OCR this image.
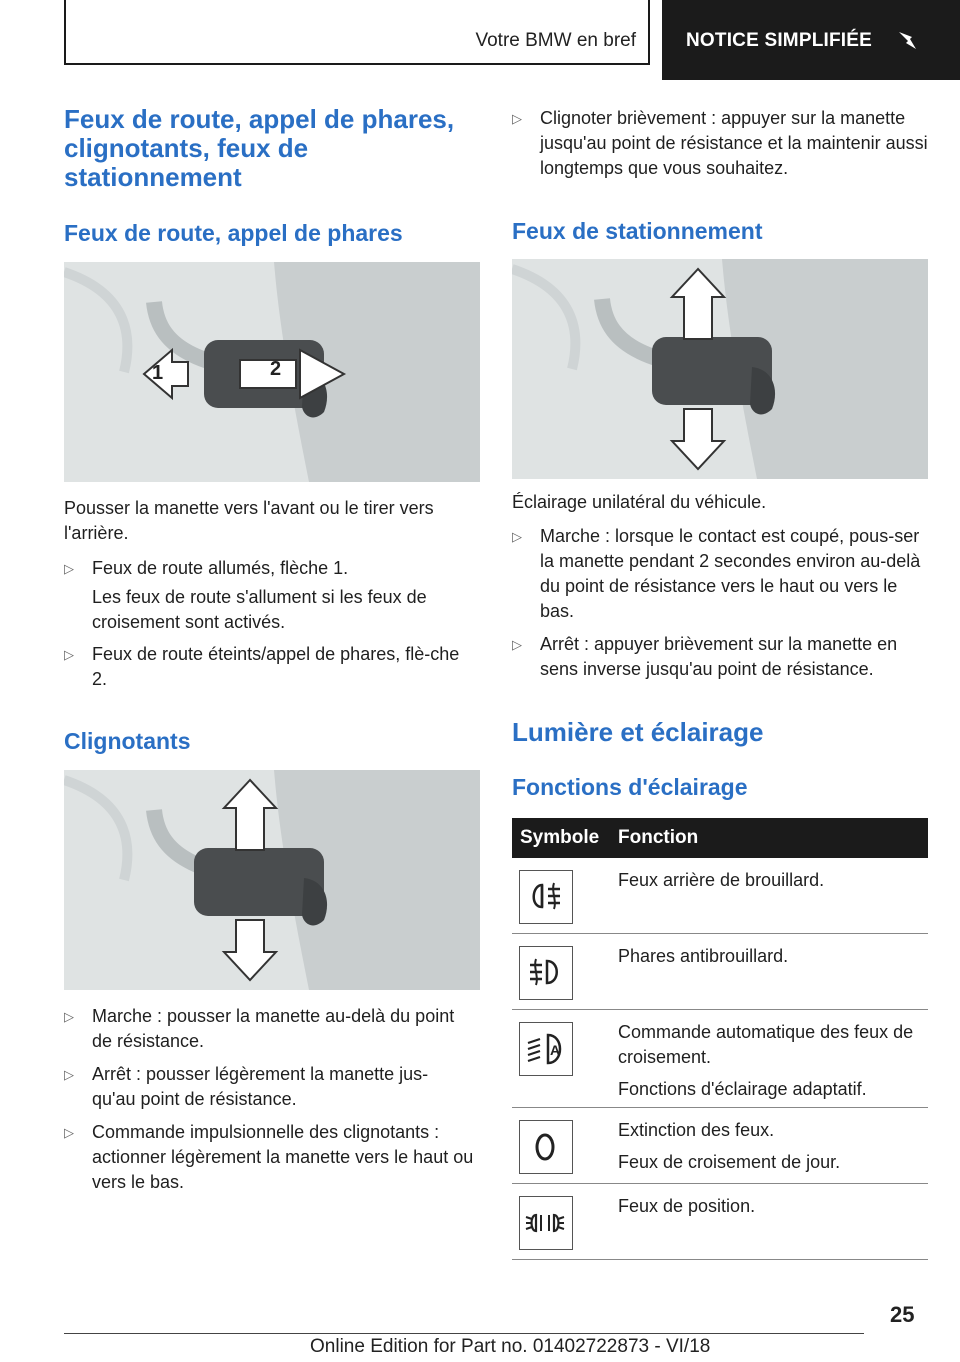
Votre BMW en bref	NOTICE SIMPLIFIÉE
Feux de route, appel de phares, clignotants, feux de stationnement
Feux de route, appel de phares
1	2
Pousser la manette vers l'avant ou le tirer vers l'arrière.
▷ Feux de route allumés, flèche 1.
Les feux de route s'allument si les feux de croisement sont activés.
▷ Feux de route éteints/appel de phares, flè-che 2.
Clignotants
▷ Marche : pousser la manette au-delà du point de résistance.
▷ Arrêt : pousser légèrement la manette jus-qu'au point de résistance.
▷ Commande impulsionnelle des clignotants : actionner légèrement la manette vers le haut ou vers le bas.
▷ Clignoter brièvement : appuyer sur la manette jusqu'au point de résistance et la maintenir aussi longtemps que vous souhaitez.
Feux de stationnement
Éclairage unilatéral du véhicule.
▷ Marche : lorsque le contact est coupé, pous-ser la manette pendant 2 secondes environ au-delà du point de résistance vers le haut ou vers le bas.
▷ Arrêt : appuyer brièvement sur la manette en sens inverse jusqu'au point de résistance.
Lumière et éclairage
Fonctions d'éclairage
Symbole Fonction

Feux arrière de brouillard.

Phares antibrouillard.

A

Commande automatique des feux de croisement.

Fonctions d'éclairage adaptatif.

Extinction des feux.

Feux de croisement de jour.

Feux de position.

25
Online Edition for Part no. 01402722873 - VI/18
